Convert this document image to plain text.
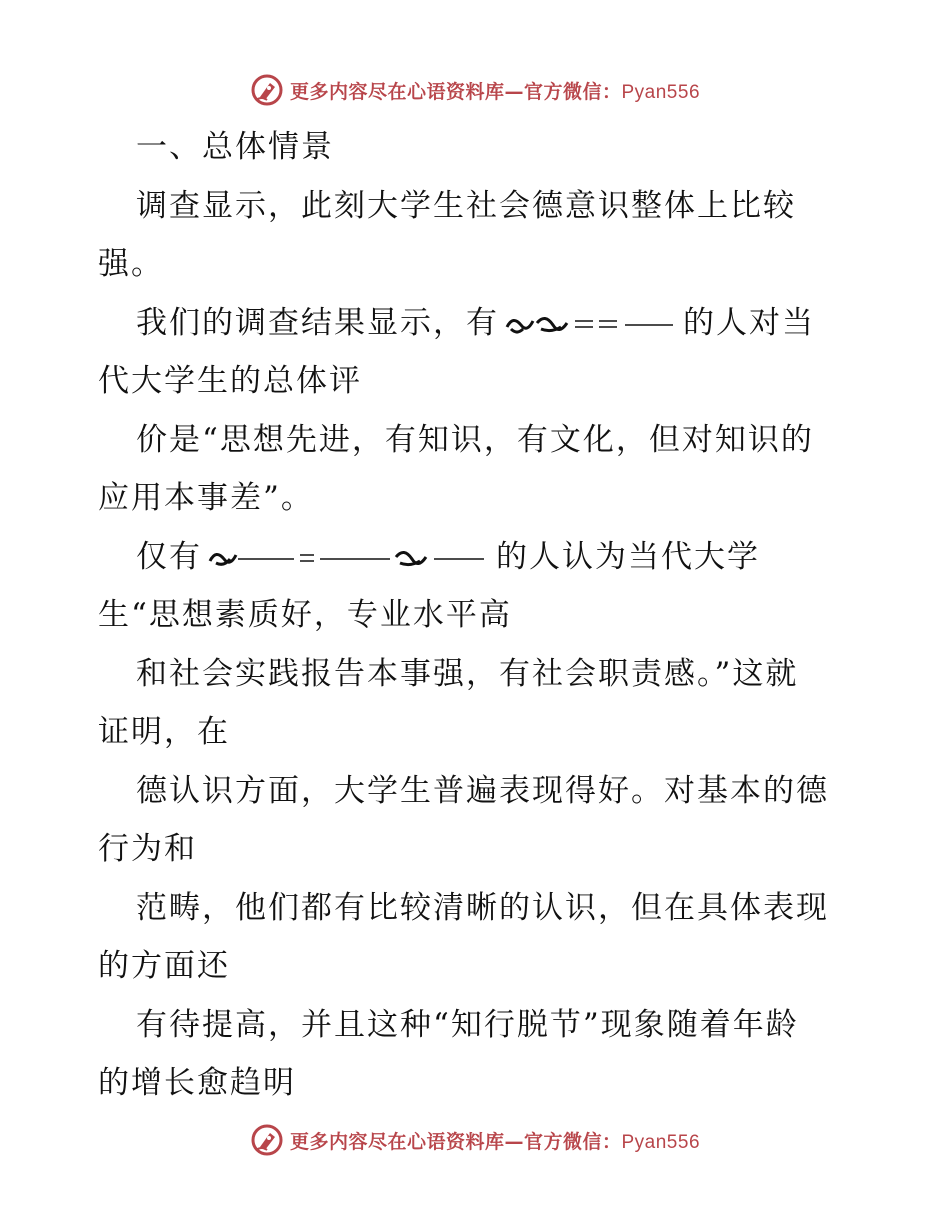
更多内容尽在心语资料库—官方微信：Pyan556
一、总体情景
调查显示，此刻大学生社会德意识整体上比较
强。
我们的调查结果显示，有	的人对当
代大学生的总体评
价是“思想先进，有知识，有文化，但对知识的
应用本事差”。
仅有	的人认为当代大学
生“思想素质好，专业水平高
和社会实践报告本事强，有社会职责感。”这就
证明，在
德认识方面，大学生普遍表现得好。对基本的德
行为和
范畴，他们都有比较清晰的认识，但在具体表现
的方面还
有待提高，并且这种“知行脱节”现象随着年龄
的增长愈趋明
更多内容尽在心语资料库—官方微信：Pyan556
